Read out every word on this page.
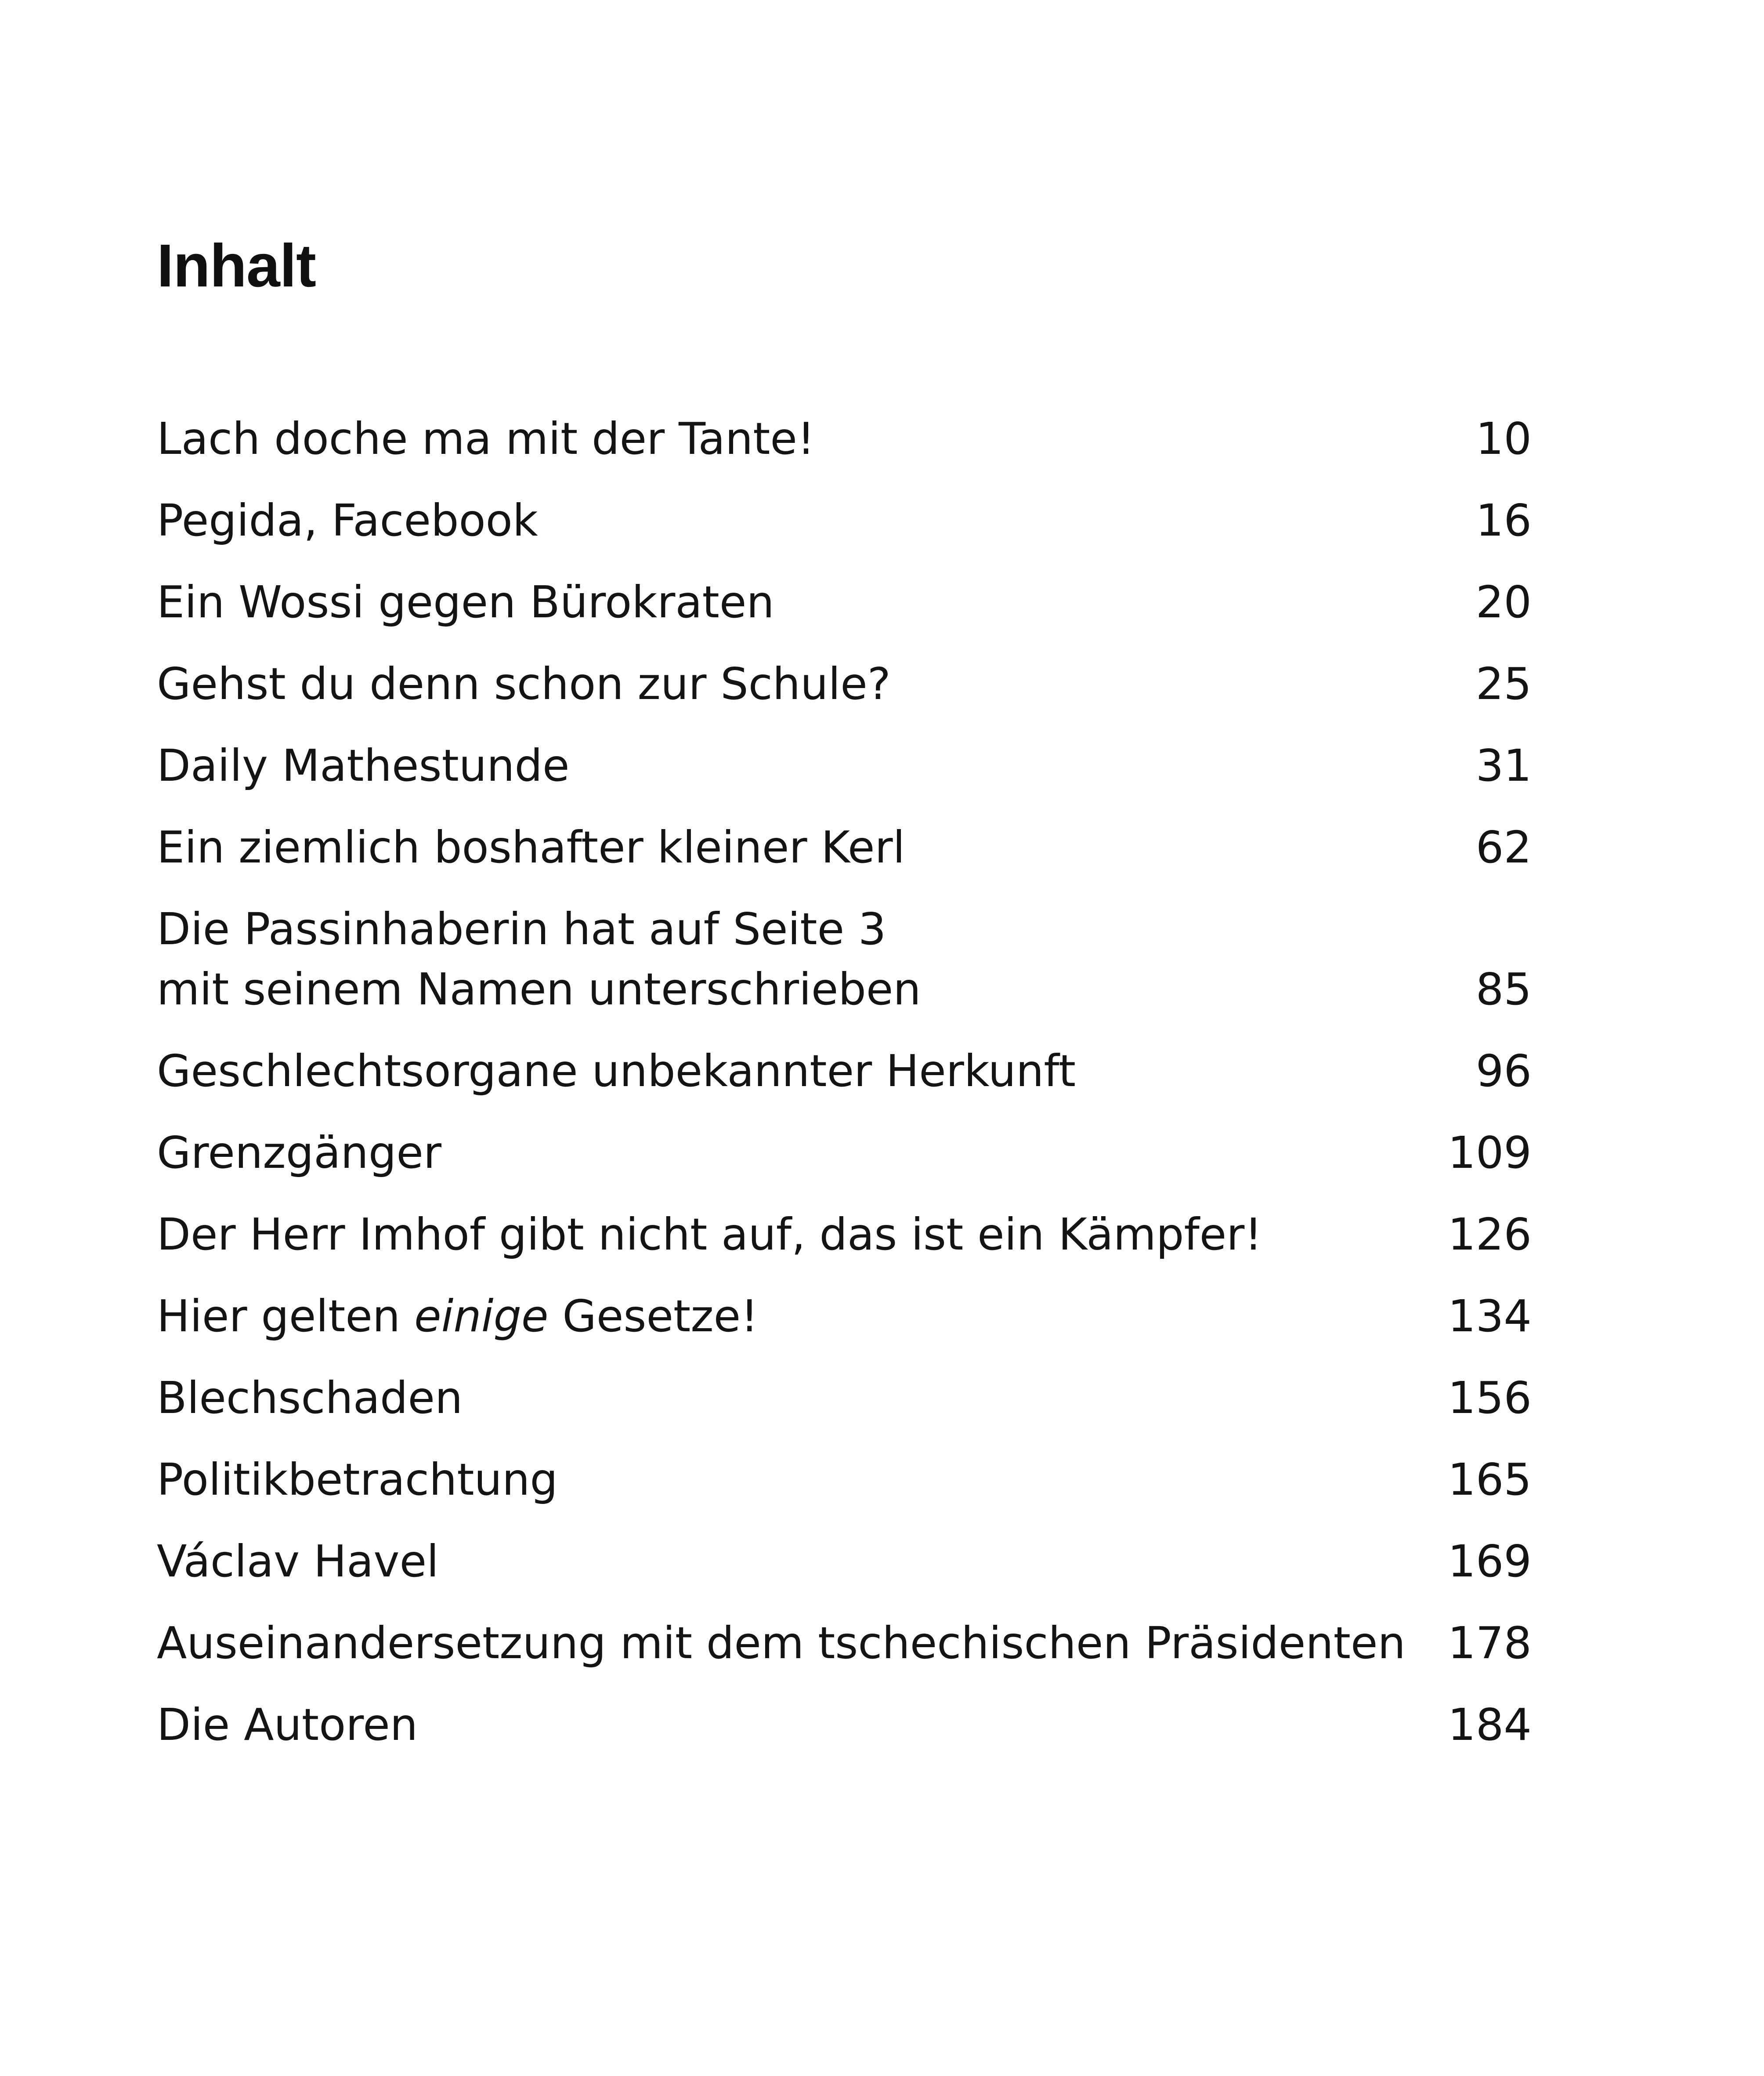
Inhalt
Lach doche ma mit der Tante!	10
Pegida, Facebook	16
Ein Wossi gegen Bürokraten	20
Gehst du denn schon zur Schule?	25
Daily Mathestunde	31
Ein ziemlich boshafter kleiner Kerl	62
Die Passinhaberin hat auf Seite 3
mit seinem Namen unterschrieben	85
Geschlechtsorgane unbekannter Herkunft	96
Grenzgänger	109
Der Herr Imhof gibt nicht auf, das ist ein Kämpfer!	126
Hier gelten einige Gesetze!	134
Blechschaden	156
Politikbetrachtung	165
Václav Havel	169
Auseinandersetzung mit dem tschechischen Präsidenten 178
Die Autoren	184
